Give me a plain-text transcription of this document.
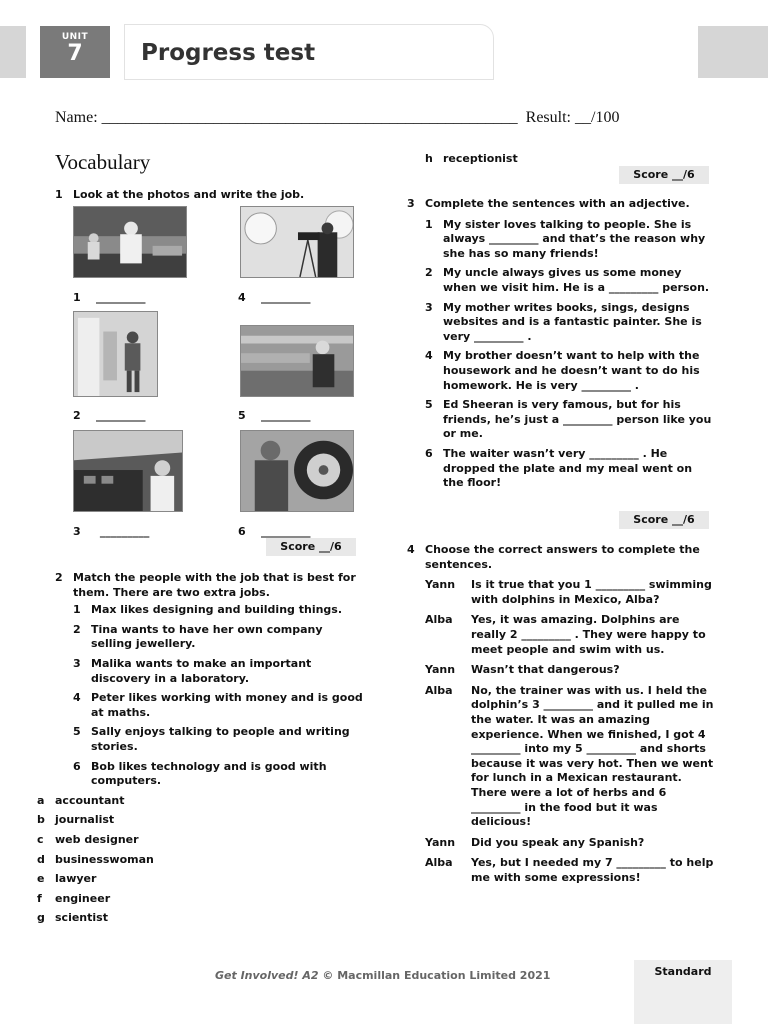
UNIT
7	Progress test
Name: ____________________________________________________ Result: __/100
Vocabulary
1 Look at the photos and write the job.
1 _________	4 _________
2 _________	5 _________
3 _________	6 _________
Score __/6
2 Match the people with the job that is best for them. There are two extra jobs.
1 Max likes designing and building things.
2 Tina wants to have her own company selling jewellery.
3 Malika wants to make an important discovery in a laboratory.
4 Peter likes working with money and is good at maths.
5 Sally enjoys talking to people and writing stories.
6 Bob likes technology and is good with computers.
a accountant
b journalist
c web designer
d businesswoman
e lawyer
f engineer
g scientist
h receptionist
Score __/6
3 Complete the sentences with an adjective.
1 My sister loves talking to people. She is always _________ and that’s the reason why she has so many friends!
2 My uncle always gives us some money when we visit him. He is a _________ person.
3 My mother writes books, sings, designs websites and is a fantastic painter. She is very _________ .
4 My brother doesn’t want to help with the housework and he doesn’t want to do his homework. He is very _________ .
5 Ed Sheeran is very famous, but for his friends, he’s just a _________ person like you or me.
6 The waiter wasn’t very _________ . He dropped the plate and my meal went on the floor!
Score __/6
4 Choose the correct answers to complete the sentences.
Yann	Is it true that you 1 _________ swimming with dolphins in Mexico, Alba?
Alba	Yes, it was amazing. Dolphins are really 2 _________ . They were happy to meet people and swim with us.
Yann	Wasn’t that dangerous?
Alba	No, the trainer was with us. I held the dolphin’s 3 _________ and it pulled me in the water. It was an amazing experience. When we finished, I got 4 _________ into my 5 _________ and shorts because it was very hot. Then we went for lunch in a Mexican restaurant. There were a lot of herbs and 6 _________ in the food but it was delicious!
Yann	Did you speak any Spanish?
Alba	Yes, but I needed my 7 _________ to help me with some expressions!
Get Involved! A2 © Macmillan Education Limited 2021	Standard
